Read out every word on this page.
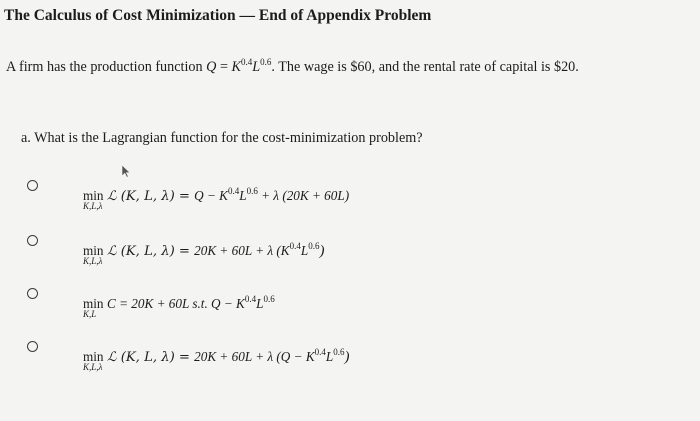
The Calculus of Cost Minimization — End of Appendix Problem
A firm has the production function $Q = K^{0.4}L^{0.6}$. The wage is $60, and the rental rate of capital is $20.
a. What is the Lagrangian function for the cost-minimization problem?
min
K,L,λ
ℒ (K, L, $\lambda) = Q - K^{0.4}L^{0.6} + \lambda$ (20K + 60L)
min
K,L,λ
ℒ (K, L, λ) = 20K + 60L + λ $(K^{0.4}L^{0.6})$
min
K,L
C = 20K + 60L s.t. $Q - K^{0.4}L^{0.6}$
min
K,L,λ
ℒ (K, L, λ) = 20K + 60L + λ $(Q - K^{0.4}L^{0.6})$
